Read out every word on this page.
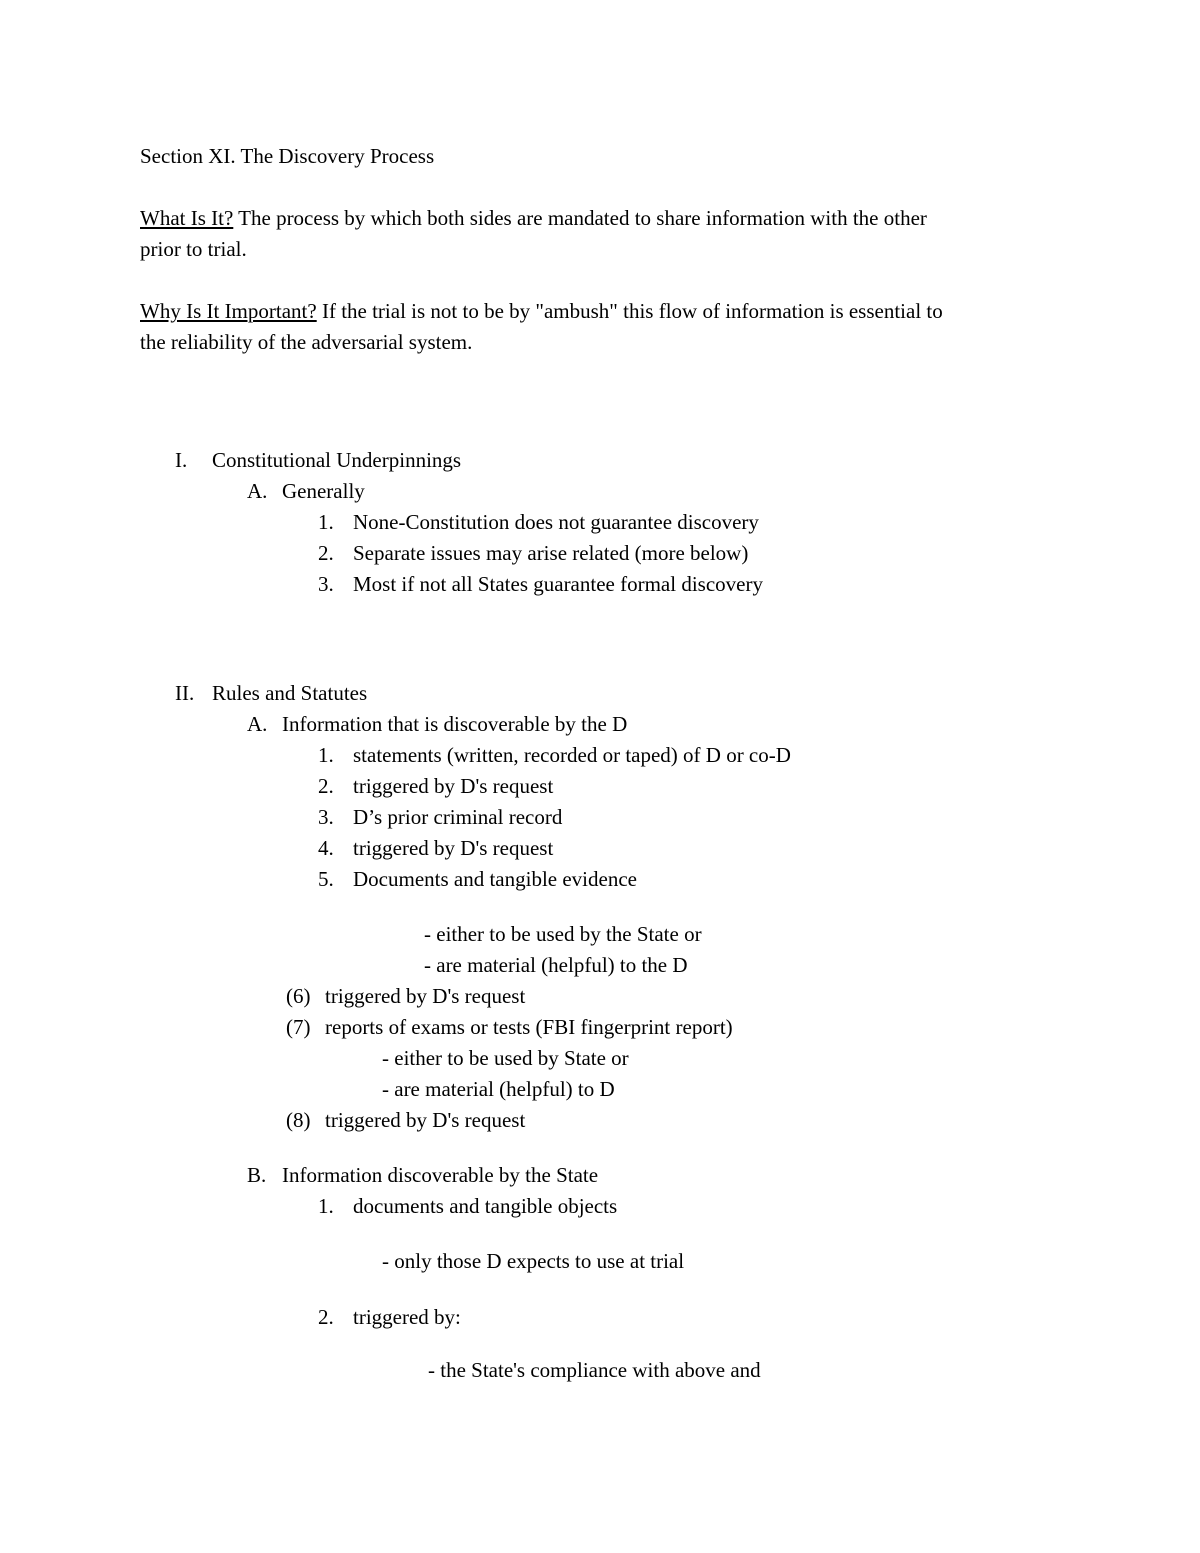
Section XI. The Discovery Process
What Is It? The process by which both sides are mandated to share information with the other
prior to trial.
Why Is It Important? If the trial is not to be by "ambush" this flow of information is essential to
the reliability of the adversarial system.
I. Constitutional Underpinnings
A. Generally
1. None-Constitution does not guarantee discovery
2. Separate issues may arise related (more below)
3. Most if not all States guarantee formal discovery
II. Rules and Statutes
A. Information that is discoverable by the D
1. statements (written, recorded or taped) of D or co-D
2. triggered by D's request
3. D’s prior criminal record
4. triggered by D's request
5. Documents and tangible evidence
- either to be used by the State or
- are material (helpful) to the D
(6) triggered by D's request
(7) reports of exams or tests (FBI fingerprint report)
- either to be used by State or
- are material (helpful) to D
(8) triggered by D's request
B. Information discoverable by the State
1. documents and tangible objects
- only those D expects to use at trial
2. triggered by:
- the State's compliance with above and
